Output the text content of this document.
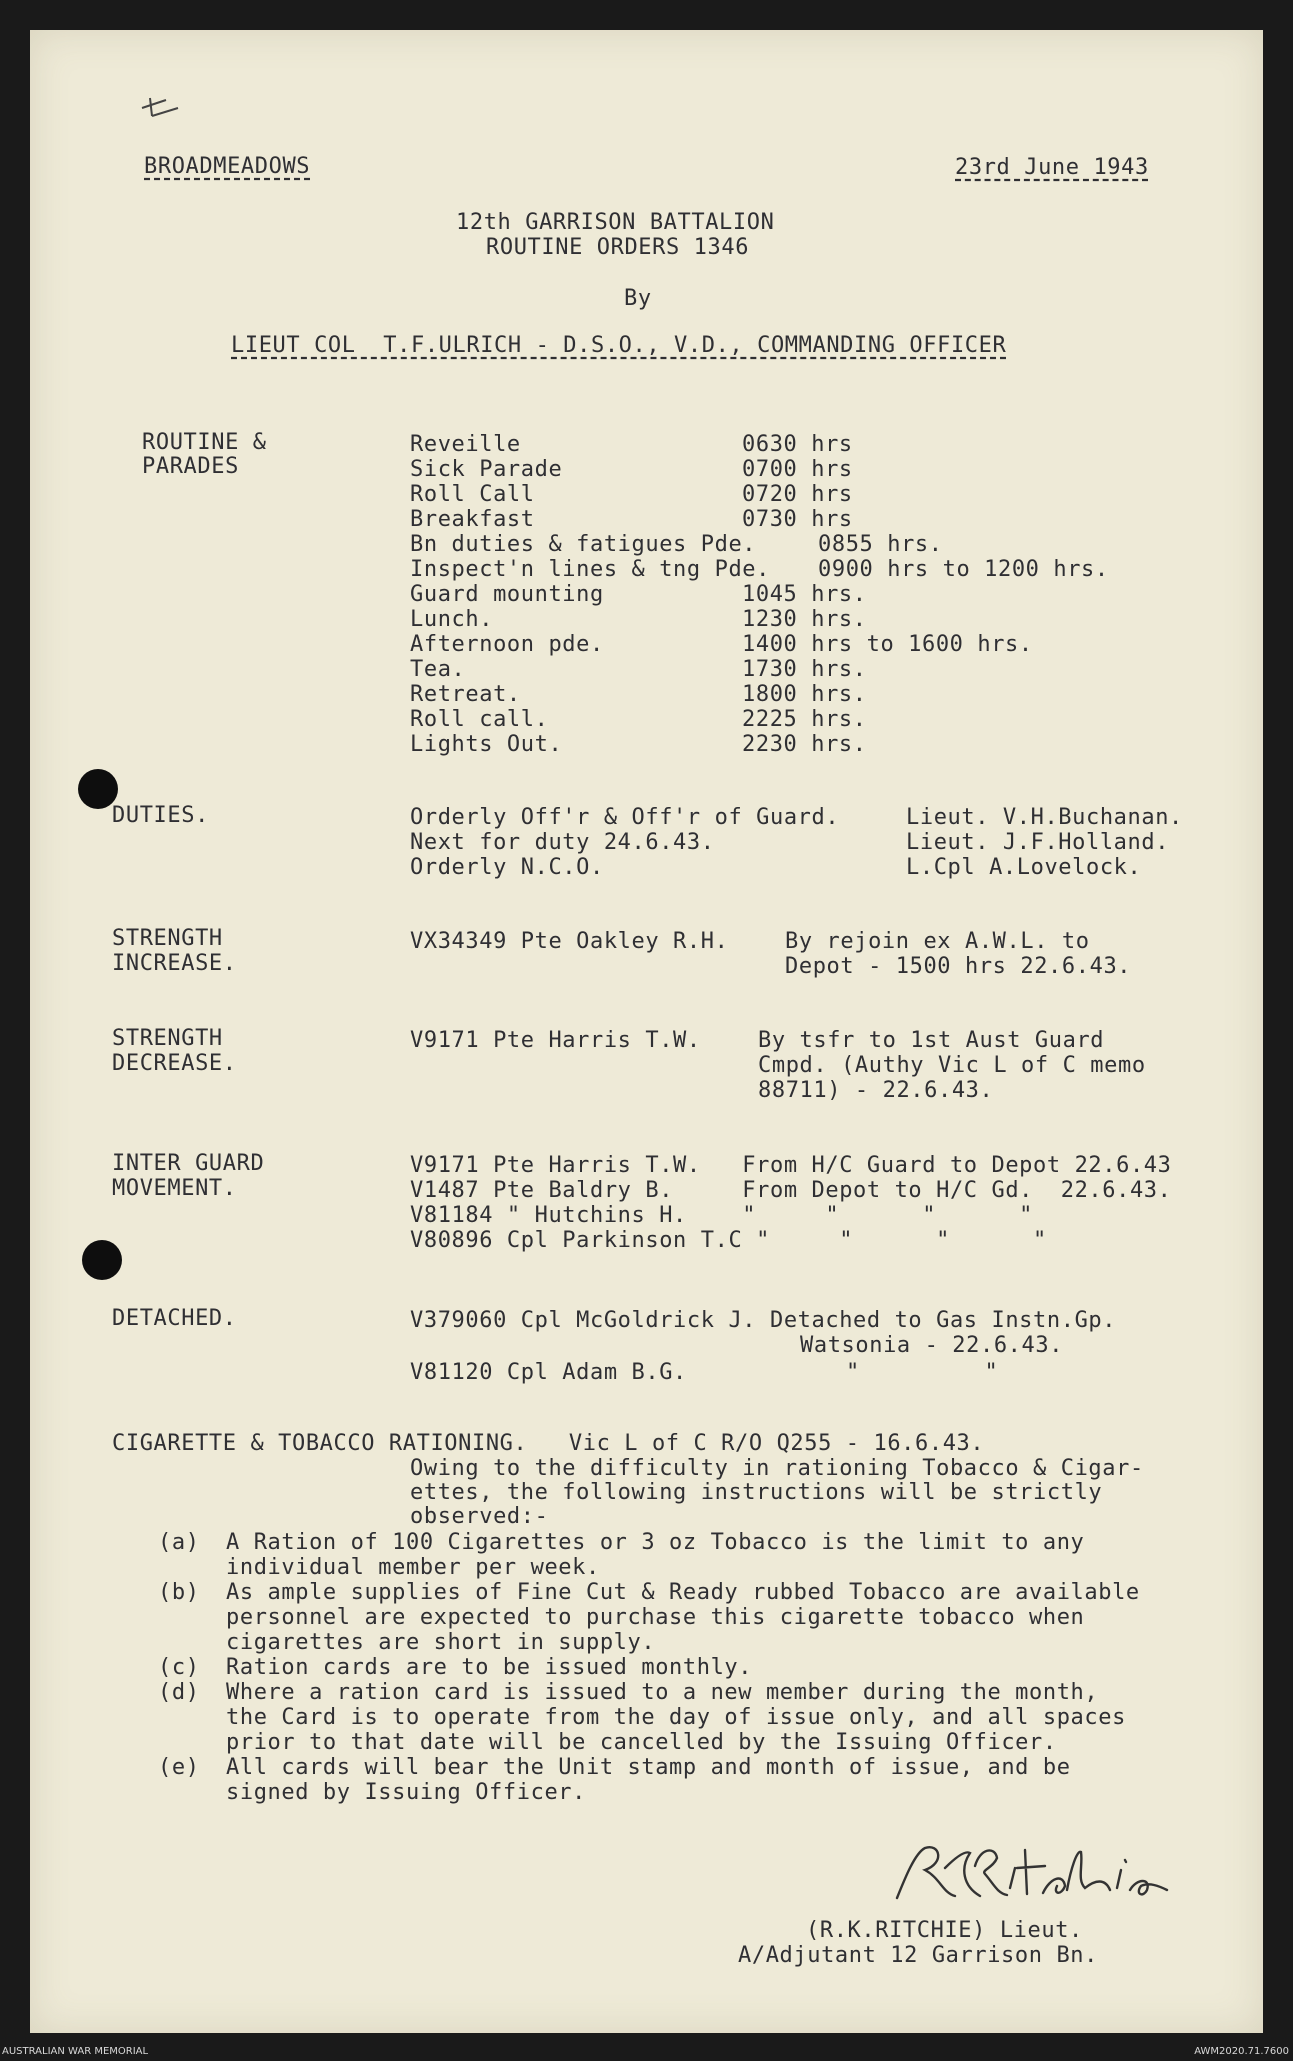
BROADMEADOWS	23rd June 1943
12th GARRISON BATTALION
ROUTINE ORDERS 1346
By
LIEUT COL  T.F.ULRICH - D.S.O., V.D., COMMANDING OFFICER
ROUTINE &
PARADES
Reveille	0630 hrs
Sick Parade	0700 hrs
Roll Call	0720 hrs
Breakfast	0730 hrs
Bn duties & fatigues Pde.	0855 hrs.
Inspect'n lines & tng Pde. 0900 hrs to 1200 hrs.
Guard mounting	1045 hrs.
Lunch.	1230 hrs.
Afternoon pde.	1400 hrs to 1600 hrs.
Tea.	1730 hrs.
Retreat.	1800 hrs.
Roll call.	2225 hrs.
Lights Out.	2230 hrs.
DUTIES.	Orderly Off'r & Off'r of Guard.	Lieut. V.H.Buchanan.
Next for duty 24.6.43.	Lieut. J.F.Holland.
Orderly N.C.O.	L.Cpl A.Lovelock.
STRENGTH
INCREASE.
VX34349 Pte Oakley R.H.	By rejoin ex A.W.L. to
Depot - 1500 hrs 22.6.43.
STRENGTH
DECREASE.
V9171 Pte Harris T.W.	By tsfr to 1st Aust Guard
Cmpd. (Authy Vic L of C memo
88711) - 22.6.43.
INTER GUARD
MOVEMENT.
V9171 Pte Harris T.W.   From H/C Guard to Depot 22.6.43
V1487 Pte Baldry B.     From Depot to H/C Gd.  22.6.43.
V81184 " Hutchins H.    "     "      "      "
V80896 Cpl Parkinson T.C "     "      "      "
DETACHED.	V379060 Cpl McGoldrick J. Detached to Gas Instn.Gp.
Watsonia - 22.6.43.
V81120 Cpl Adam B.G.	"         "
CIGARETTE & TOBACCO RATIONING.   Vic L of C R/O Q255 - 16.6.43.
Owing to the difficulty in rationing Tobacco & Cigar-
ettes, the following instructions will be strictly
observed:-
(a) A Ration of 100 Cigarettes or 3 oz Tobacco is the limit to any
individual member per week.
(b) As ample supplies of Fine Cut & Ready rubbed Tobacco are available
personnel are expected to purchase this cigarette tobacco when
cigarettes are short in supply.
(c) Ration cards are to be issued monthly.
(d) Where a ration card is issued to a new member during the month,
the Card is to operate from the day of issue only, and all spaces
prior to that date will be cancelled by the Issuing Officer.
(e) All cards will bear the Unit stamp and month of issue, and be
signed by Issuing Officer.
(R.K.RITCHIE) Lieut.
A/Adjutant 12 Garrison Bn.
AUSTRALIAN WAR MEMORIAL	AWM2020.71.7600
